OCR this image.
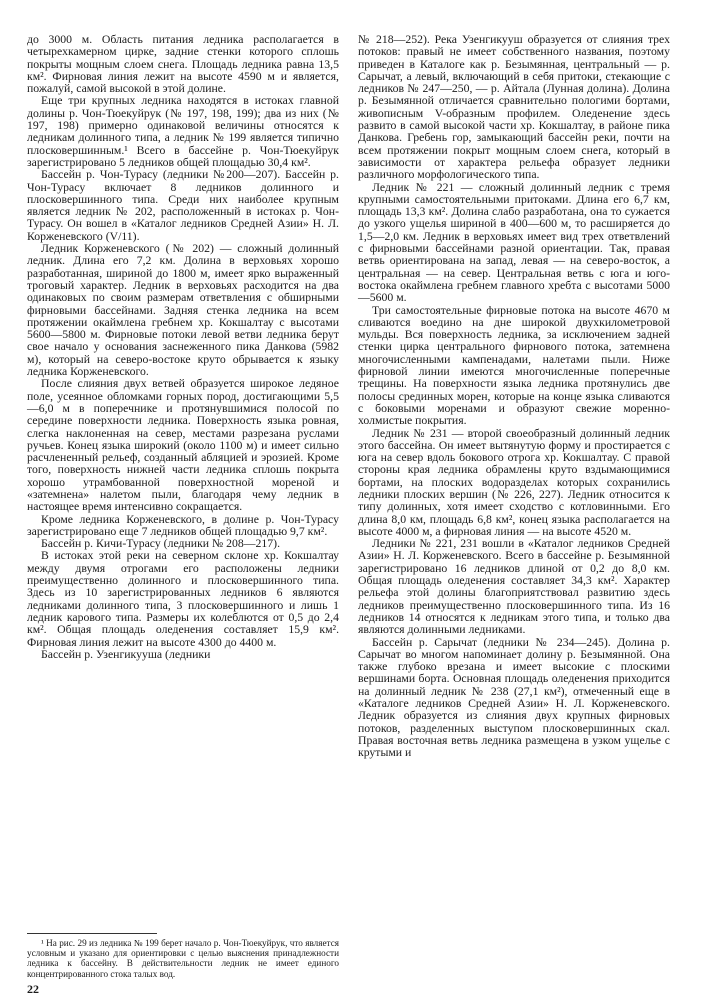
до 3000 м. Область питания ледника располагается в четырехкамерном цирке, задние стенки которого сплошь покрыты мощным слоем снега. Площадь ледника равна 13,5 км². Фирновая линия лежит на высоте 4590 м и является, пожалуй, самой высокой в этой долине.

Еще три крупных ледника находятся в истоках главной долины р. Чон-Тюекуйрук (№ 197, 198, 199); два из них (№ 197, 198) примерно одинаковой величины относятся к ледникам долинного типа, а ледник № 199 является типично плосковершинным.¹ Всего в бассейне р. Чон-Тюекуйрук зарегистрировано 5 ледников общей площадью 30,4 км².

Бассейн р. Чон-Турасу (ледники №200—207). Бассейн р. Чон-Турасу включает 8 ледников долинного и плосковершинного типа. Среди них наиболее крупным является ледник № 202, расположенный в истоках р. Чон-Турасу. Он вошел в «Каталог ледников Средней Азии» Н. Л. Корженевского (V/11).

Ледник Корженевского (№ 202) — сложный долинный ледник. Длина его 7,2 км. Долина в верховьях хорошо разработанная, шириной до 1800 м, имеет ярко выраженный троговый характер. Ледник в верховьях расходится на два одинаковых по своим размерам ответвления с обширными фирновыми бассейнами. Задняя стенка ледника на всем протяжении окаймлена гребнем хр. Кокшалтау с высотами 5600—5800 м. Фирновые потоки левой ветви ледника берут свое начало у основания заснеженного пика Данкова (5982 м), который на северо-востоке круто обрывается к языку ледника Корженевского.

После слияния двух ветвей образуется широкое ледяное поле, усеянное обломками горных пород, достигающими 5,5—6,0 м в поперечнике и протянувшимися полосой по середине поверхности ледника. Поверхность языка ровная, слегка наклоненная на север, местами разрезана руслами ручьев. Конец языка широкий (около 1100 м) и имеет сильно расчлененный рельеф, созданный абляцией и эрозией. Кроме того, поверхность нижней части ледника сплошь покрыта хорошо утрамбованной поверхностной мореной и «затемнена» налетом пыли, благодаря чему ледник в настоящее время интенсивно сокращается.

Кроме ледника Корженевского, в долине р. Чон-Турасу зарегистрировано еще 7 ледников общей площадью 9,7 км².

Бассейн р. Кичи-Турасу (ледники № 208—217).

В истоках этой реки на северном склоне хр. Кокшалтау между двумя отрогами его расположены ледники преимущественно долинного и плосковершинного типа. Здесь из 10 зарегистрированных ледников 6 являются ледниками долинного типа, 3 плосковершинного и лишь 1 ледник карового типа. Размеры их колеблются от 0,5 до 2,4 км². Общая площадь оледенения составляет 15,9 км². Фирновая линия лежит на высоте 4300 до 4400 м.

Бассейн р. Узенгикууша (ледники

№ 218—252). Река Узенгикууш образуется от слияния трех потоков: правый не имеет собственного названия, поэтому приведен в Каталоге как р. Безымянная, центральный — р. Сарычат, а левый, включающий в себя притоки, стекающие с ледников № 247—250, — р. Айтала (Лунная долина). Долина р. Безымянной отличается сравнительно пологими бортами, живописным V-образным профилем. Оледенение здесь развито в самой высокой части хр. Кокшалтау, в районе пика Данкова. Гребень гор, замыкающий бассейн реки, почти на всем протяжении покрыт мощным слоем снега, который в зависимости от характера рельефа образует ледники различного морфологического типа.

Ледник № 221 — сложный долинный ледник с тремя крупными самостоятельными притоками. Длина его 6,7 км, площадь 13,3 км². Долина слабо разработана, она то сужается до узкого ущелья шириной в 400—600 м, то расширяется до 1,5—2,0 км. Ледник в верховьях имеет вид трех ответвлений с фирновыми бассейнами разной ориентации. Так, правая ветвь ориентирована на запад, левая — на северо-восток, а центральная — на север. Центральная ветвь с юга и юго-востока окаймлена гребнем главного хребта с высотами 5000—5600 м.

Три самостоятельные фирновые потока на высоте 4670 м сливаются воедино на дне широкой двухкилометровой мульды. Вся поверхность ледника, за исключением задней стенки цирка центрального фирнового потока, затемнена многочисленными кампенадами, налетами пыли. Ниже фирновой линии имеются многочисленные поперечные трещины. На поверхности языка ледника протянулись две полосы срединных морен, которые на конце языка сливаются с боковыми моренами и образуют свежие моренно-холмистые покрытия.

Ледник № 231 — второй своеобразный долинный ледник этого бассейна. Он имеет вытянутую форму и простирается с юга на север вдоль бокового отрога хр. Кокшалтау. С правой стороны края ледника обрамлены круто вздымающимися бортами, на плоских водоразделах которых сохранились ледники плоских вершин (№ 226, 227). Ледник относится к типу долинных, хотя имеет сходство с котловинными. Его длина 8,0 км, площадь 6,8 км², конец языка располагается на высоте 4000 м, а фирновая линия — на высоте 4520 м.

Ледники № 221, 231 вошли в «Каталог ледников Средней Азии» Н. Л. Корженевского. Всего в бассейне р. Безымянной зарегистрировано 16 ледников длиной от 0,2 до 8,0 км. Общая площадь оледенения составляет 34,3 км². Характер рельефа этой долины благоприятствовал развитию здесь ледников преимущественно плосковершинного типа. Из 16 ледников 14 относятся к ледникам этого типа, и только два являются долинными ледниками.

Бассейн р. Сарычат (ледники № 234—245). Долина р. Сарычат во многом напоминает долину р. Безымянной. Она также глубоко врезана и имеет высокие с плоскими вершинами борта. Основная площадь оледенения приходится на долинный ледник № 238 (27,1 км²), отмеченный еще в «Каталоге ледников Средней Азии» Н. Л. Корженевского. Ледник образуется из слияния двух крупных фирновых потоков, разделенных выступом плосковершинных скал. Правая восточная ветвь ледника размещена в узком ущелье с крутыми и

¹ На рис. 29 из ледника № 199 берет начало р. Чон-Тюекуйрук, что является условным и указано для ориентировки с целью выяснения принадлежности ледника к бассейну. В действительности ледник не имеет единого концентрированного стока талых вод.

22
